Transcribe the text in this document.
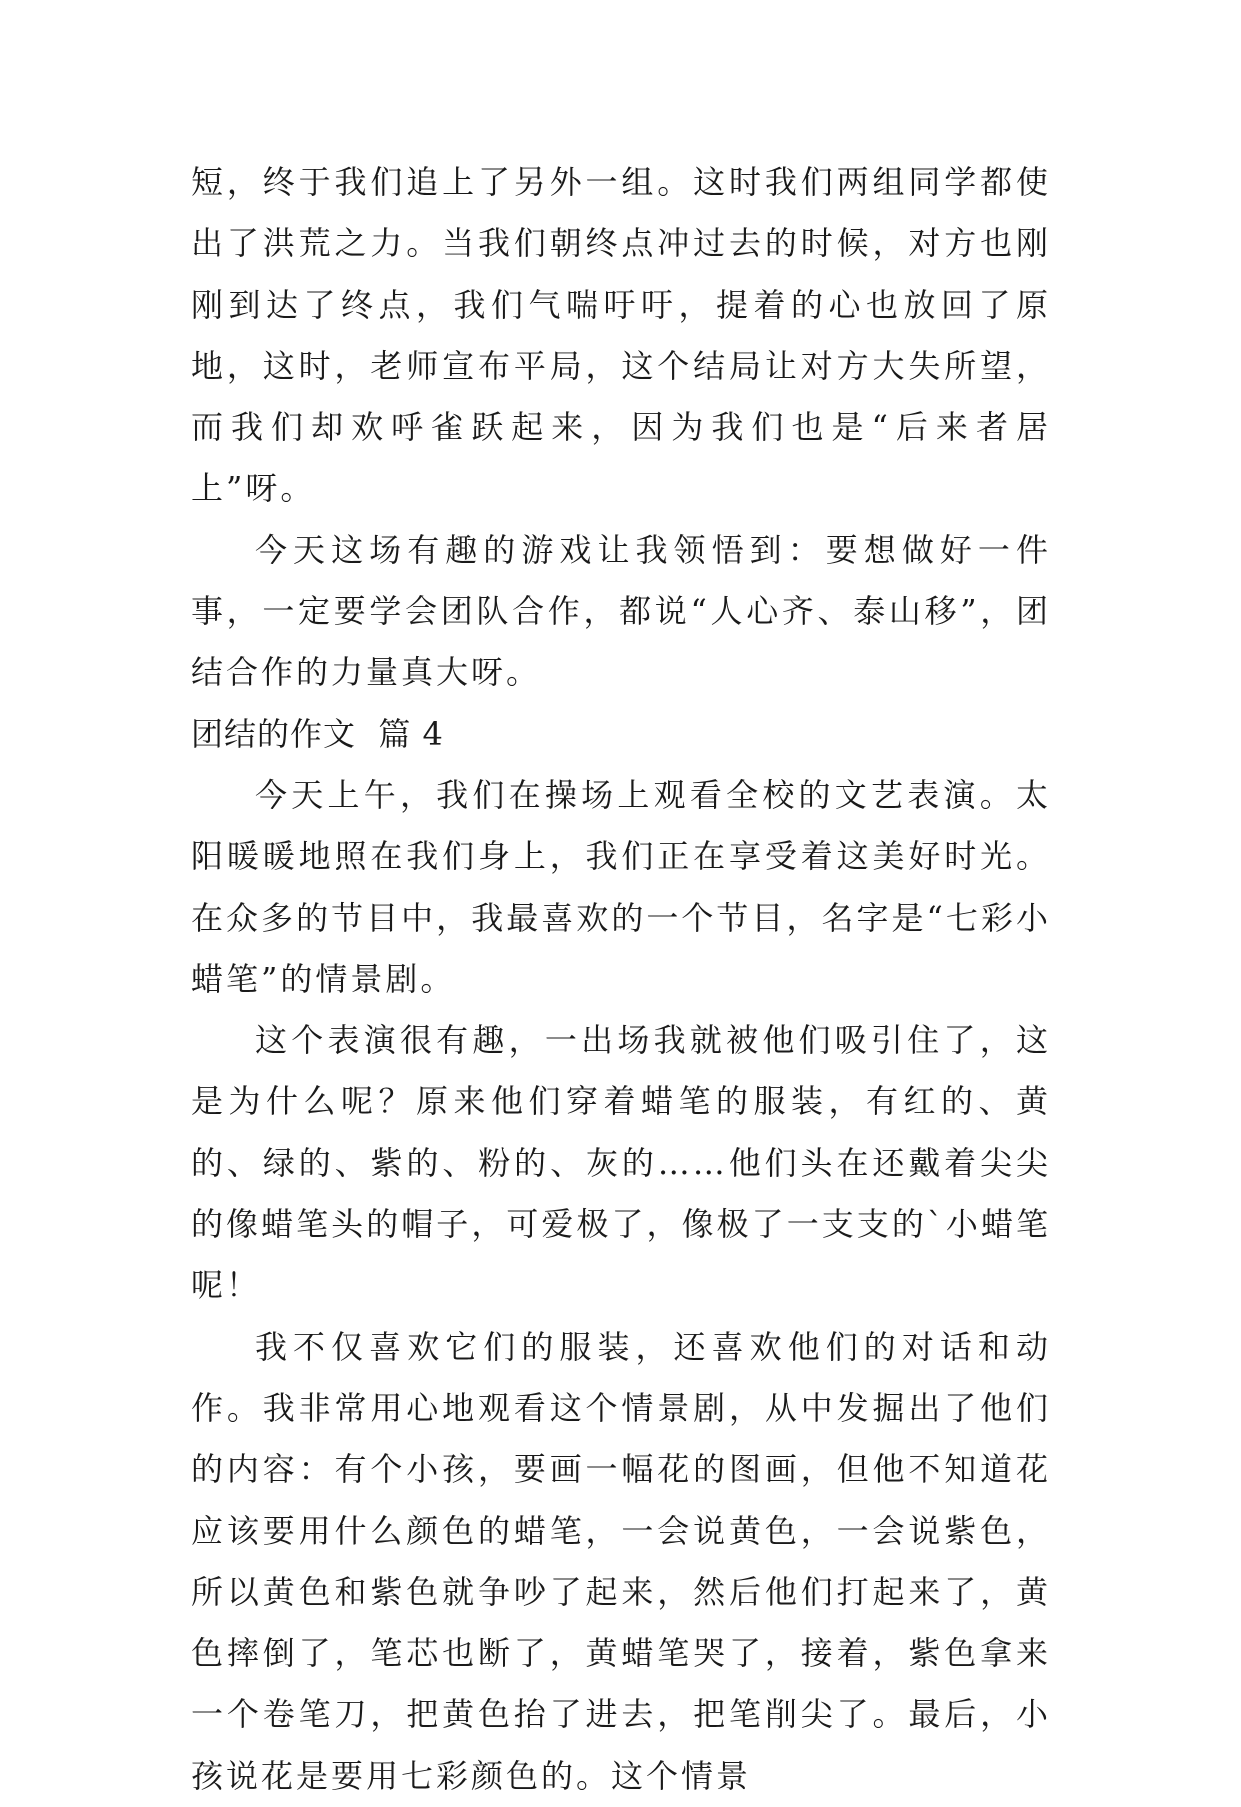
短，终于我们追上了另外一组。这时我们两组同学都使出了洪荒之力。当我们朝终点冲过去的时候，对方也刚刚到达了终点，我们气喘吁吁，提着的心也放回了原地，这时，老师宣布平局，这个结局让对方大失所望，而我们却欢呼雀跃起来，因为我们也是“后来者居上”呀。

今天这场有趣的游戏让我领悟到：要想做好一件事，一定要学会团队合作，都说“人心齐、泰山移”，团结合作的力量真大呀。

团结的作文  篇 4

今天上午，我们在操场上观看全校的文艺表演。太阳暖暖地照在我们身上，我们正在享受着这美好时光。在众多的节目中，我最喜欢的一个节目，名字是“七彩小蜡笔”的情景剧。

这个表演很有趣，一出场我就被他们吸引住了，这是为什么呢？原来他们穿着蜡笔的服装，有红的、黄的、绿的、紫的、粉的、灰的……他们头在还戴着尖尖的像蜡笔头的帽子，可爱极了，像极了一支支的`小蜡笔呢！

我不仅喜欢它们的服装，还喜欢他们的对话和动作。我非常用心地观看这个情景剧，从中发掘出了他们的内容：有个小孩，要画一幅花的图画，但他不知道花应该要用什么颜色的蜡笔，一会说黄色，一会说紫色，所以黄色和紫色就争吵了起来，然后他们打起来了，黄色摔倒了，笔芯也断了，黄蜡笔哭了，接着，紫色拿来一个卷笔刀，把黄色抬了进去，把笔削尖了。最后，小孩说花是要用七彩颜色的。这个情景
